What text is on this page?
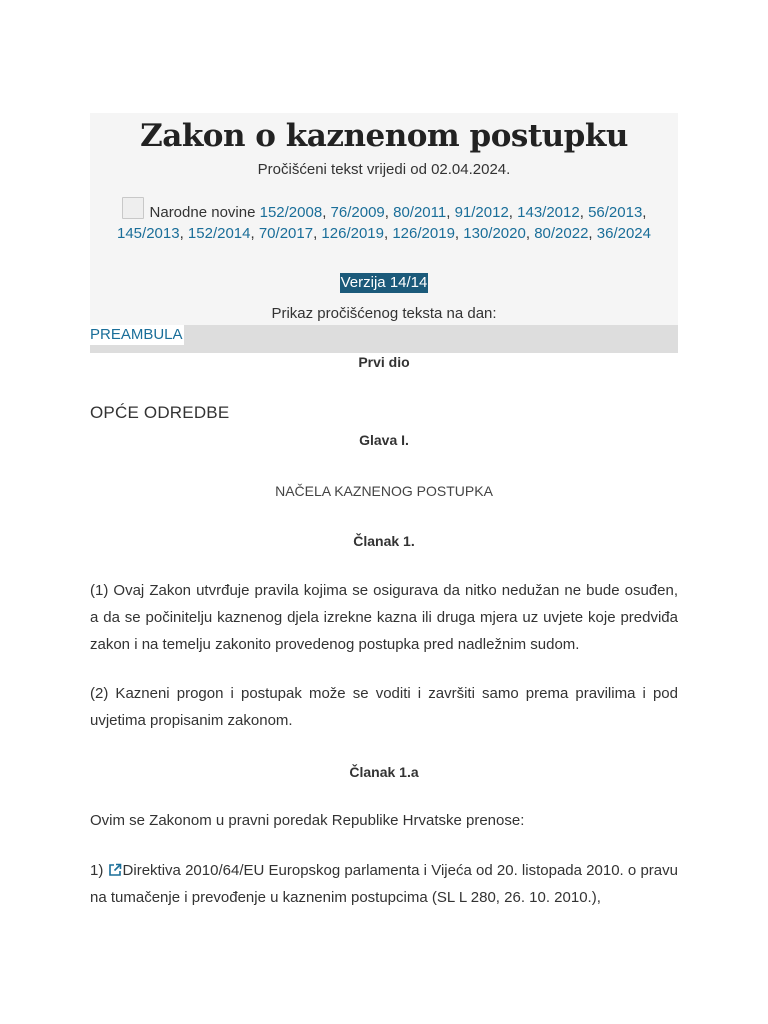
Zakon o kaznenom postupku
Pročišćeni tekst vrijedi od 02.04.2024.
Narodne novine 152/2008, 76/2009, 80/2011, 91/2012, 143/2012, 56/2013,
145/2013, 152/2014, 70/2017, 126/2019, 126/2019, 130/2020, 80/2022, 36/2024
Verzija 14/14
Prikaz pročišćenog teksta na dan:
PREAMBULA
Prvi dio
OPĆE ODREDBE
Glava I.
NAČELA KAZNENOG POSTUPKA
Članak 1.
(1) Ovaj Zakon utvrđuje pravila kojima se osigurava da nitko nedužan ne bude osuđen, a da se počinitelju kaznenog djela izrekne kazna ili druga mjera uz uvjete koje predviđa zakon i na temelju zakonito provedenog postupka pred nadležnim sudom.
(2) Kazneni progon i postupak može se voditi i završiti samo prema pravilima i pod uvjetima propisanim zakonom.
Članak 1.a
Ovim se Zakonom u pravni poredak Republike Hrvatske prenose:
1) Direktiva 2010/64/EU Europskog parlamenta i Vijeća od 20. listopada 2010. o pravu na tumačenje i prevođenje u kaznenim postupcima (SL L 280, 26. 10. 2010.),
